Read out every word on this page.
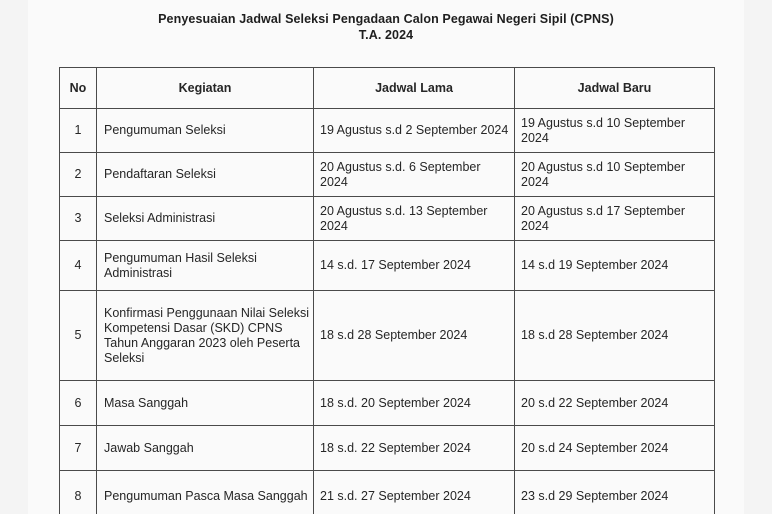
Penyesuaian Jadwal Seleksi Pengadaan Calon Pegawai Negeri Sipil (CPNS)
T.A. 2024
No	Kegiatan	Jadwal Lama	Jadwal Baru
1	Pengumuman Seleksi	19 Agustus s.d 2 September 2024	19 Agustus s.d 10 September 2024
2	Pendaftaran Seleksi	20 Agustus s.d. 6 September 2024	20 Agustus s.d 10 September 2024
3	Seleksi Administrasi	20 Agustus s.d. 13 September 2024	20 Agustus s.d 17 September 2024
4	Pengumuman Hasil Seleksi Administrasi	14 s.d. 17 September 2024	14 s.d 19 September 2024
5	Konfirmasi Penggunaan Nilai Seleksi Kompetensi Dasar (SKD) CPNS Tahun Anggaran 2023 oleh Peserta Seleksi	18 s.d 28 September 2024	18 s.d 28 September 2024
6	Masa Sanggah	18 s.d. 20 September 2024	20 s.d 22 September 2024
7	Jawab Sanggah	18 s.d. 22 September 2024	20 s.d 24 September 2024
8	Pengumuman Pasca Masa Sanggah	21 s.d. 27 September 2024	23 s.d 29 September 2024
